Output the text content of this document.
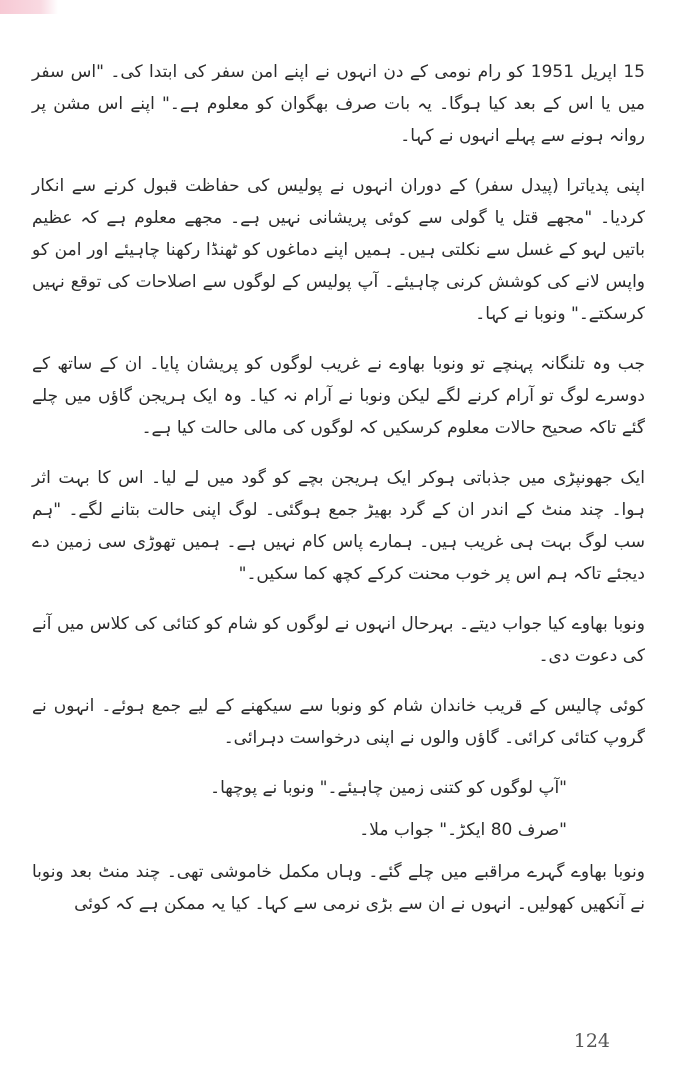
15 اپریل 1951 کو رام نومی کے دن انہوں نے اپنے امن سفر کی ابتدا کی۔ "اس سفر میں یا اس کے بعد کیا ہوگا۔ یہ بات صرف بھگوان کو معلوم ہے۔" اپنے اس مشن پر روانہ ہونے سے پہلے انہوں نے کہا۔

اپنی پدیاترا (پیدل سفر) کے دوران انہوں نے پولیس کی حفاظت قبول کرنے سے انکار کردیا۔ "مجھے قتل یا گولی سے کوئی پریشانی نہیں ہے۔ مجھے معلوم ہے کہ عظیم باتیں لہو کے غسل سے نکلتی ہیں۔ ہمیں اپنے دماغوں کو ٹھنڈا رکھنا چاہیئے اور امن کو واپس لانے کی کوشش کرنی چاہیئے۔ آپ پولیس کے لوگوں سے اصلاحات کی توقع نہیں کرسکتے۔" ونوبا نے کہا۔

جب وہ تلنگانہ پہنچے تو ونوبا بھاوے نے غریب لوگوں کو پریشان پایا۔ ان کے ساتھ کے دوسرے لوگ تو آرام کرنے لگے لیکن ونوبا نے آرام نہ کیا۔ وہ ایک ہریجن گاؤں میں چلے گئے تاکہ صحیح حالات معلوم کرسکیں کہ لوگوں کی مالی حالت کیا ہے۔

ایک جھونپڑی میں جذباتی ہوکر ایک ہریجن بچے کو گود میں لے لیا۔ اس کا بہت اثر ہوا۔ چند منٹ کے اندر ان کے گرد بھیڑ جمع ہوگئی۔ لوگ اپنی حالت بتانے لگے۔ "ہم سب لوگ بہت ہی غریب ہیں۔ ہمارے پاس کام نہیں ہے۔ ہمیں تھوڑی سی زمین دے دیجئے تاکہ ہم اس پر خوب محنت کرکے کچھ کما سکیں۔"

ونوبا بھاوے کیا جواب دیتے۔ بہرحال انہوں نے لوگوں کو شام کو کتائی کی کلاس میں آنے کی دعوت دی۔

کوئی چالیس کے قریب خاندان شام کو ونوبا سے سیکھنے کے لیے جمع ہوئے۔ انہوں نے گروپ کتائی کرائی۔ گاؤں والوں نے اپنی درخواست دہرائی۔

"آپ لوگوں کو کتنی زمین چاہیئے۔" ونوبا نے پوچھا۔

"صرف 80 ایکڑ۔" جواب ملا۔

ونوبا بھاوے گہرے مراقبے میں چلے گئے۔ وہاں مکمل خاموشی تھی۔ چند منٹ بعد ونوبا نے آنکھیں کھولیں۔ انہوں نے ان سے بڑی نرمی سے کہا۔ کیا یہ ممکن ہے کہ کوئی

124
